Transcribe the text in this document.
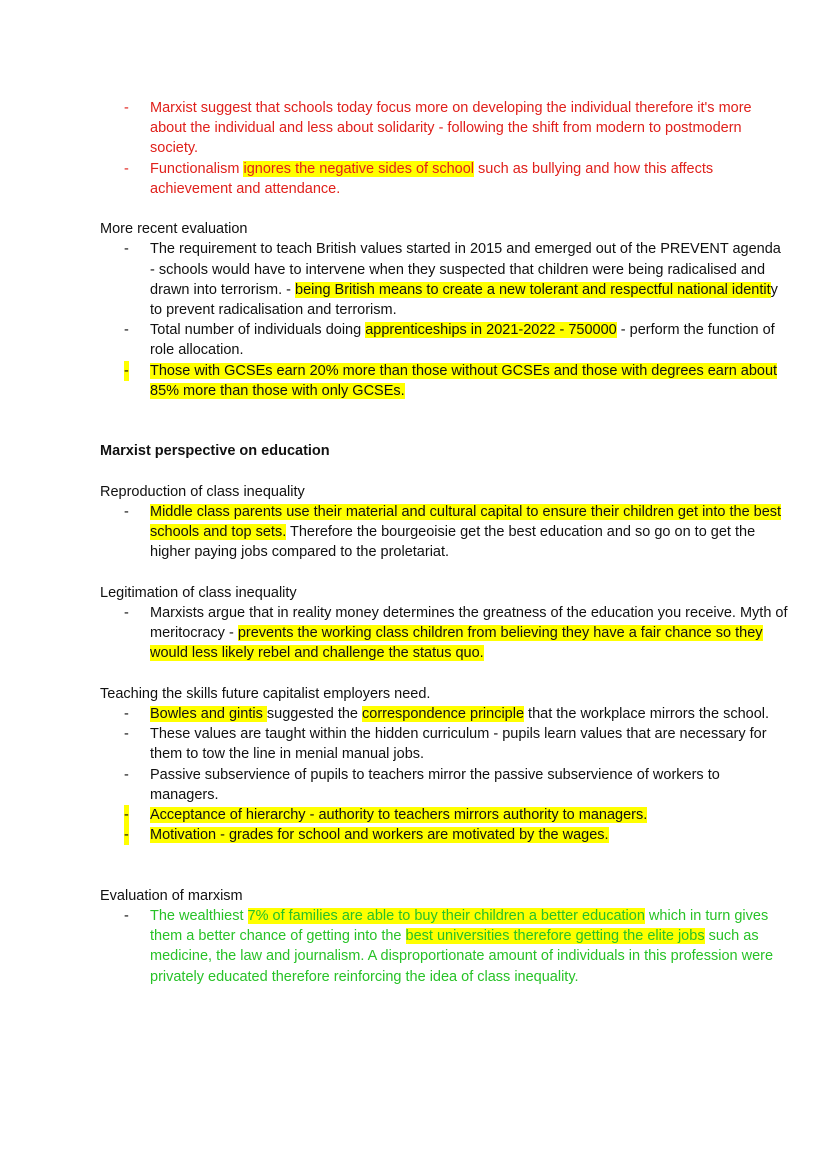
- Marxist suggest that schools today focus more on developing the individual therefore it's more about the individual and less about solidarity - following the shift from modern to postmodern society.
- Functionalism ignores the negative sides of school such as bullying and how this affects achievement and attendance.
More recent evaluation
- The requirement to teach British values started in 2015 and emerged out of the PREVENT agenda - schools would have to intervene when they suspected that children were being radicalised and drawn into terrorism. - being British means to create a new tolerant and respectful national identity to prevent radicalisation and terrorism.
- Total number of individuals doing apprenticeships in 2021-2022 - 750000 - perform the function of role allocation.
- Those with GCSEs earn 20% more than those without GCSEs and those with degrees earn about 85% more than those with only GCSEs.
Marxist perspective on education
Reproduction of class inequality
- Middle class parents use their material and cultural capital to ensure their children get into the best schools and top sets. Therefore the bourgeoisie get the best education and so go on to get the higher paying jobs compared to the proletariat.
Legitimation of class inequality
- Marxists argue that in reality money determines the greatness of the education you receive. Myth of meritocracy - prevents the working class children from believing they have a fair chance so they would less likely rebel and challenge the status quo.
Teaching the skills future capitalist employers need.
- Bowles and gintis suggested the correspondence principle that the workplace mirrors the school.
- These values are taught within the hidden curriculum - pupils learn values that are necessary for them to tow the line in menial manual jobs.
- Passive subservience of pupils to teachers mirror the passive subservience of workers to managers.
- Acceptance of hierarchy - authority to teachers mirrors authority to managers.
- Motivation - grades for school and workers are motivated by the wages.
Evaluation of marxism
- The wealthiest 7% of families are able to buy their children a better education which in turn gives them a better chance of getting into the best universities therefore getting the elite jobs such as medicine, the law and journalism. A disproportionate amount of individuals in this profession were privately educated therefore reinforcing the idea of class inequality.
